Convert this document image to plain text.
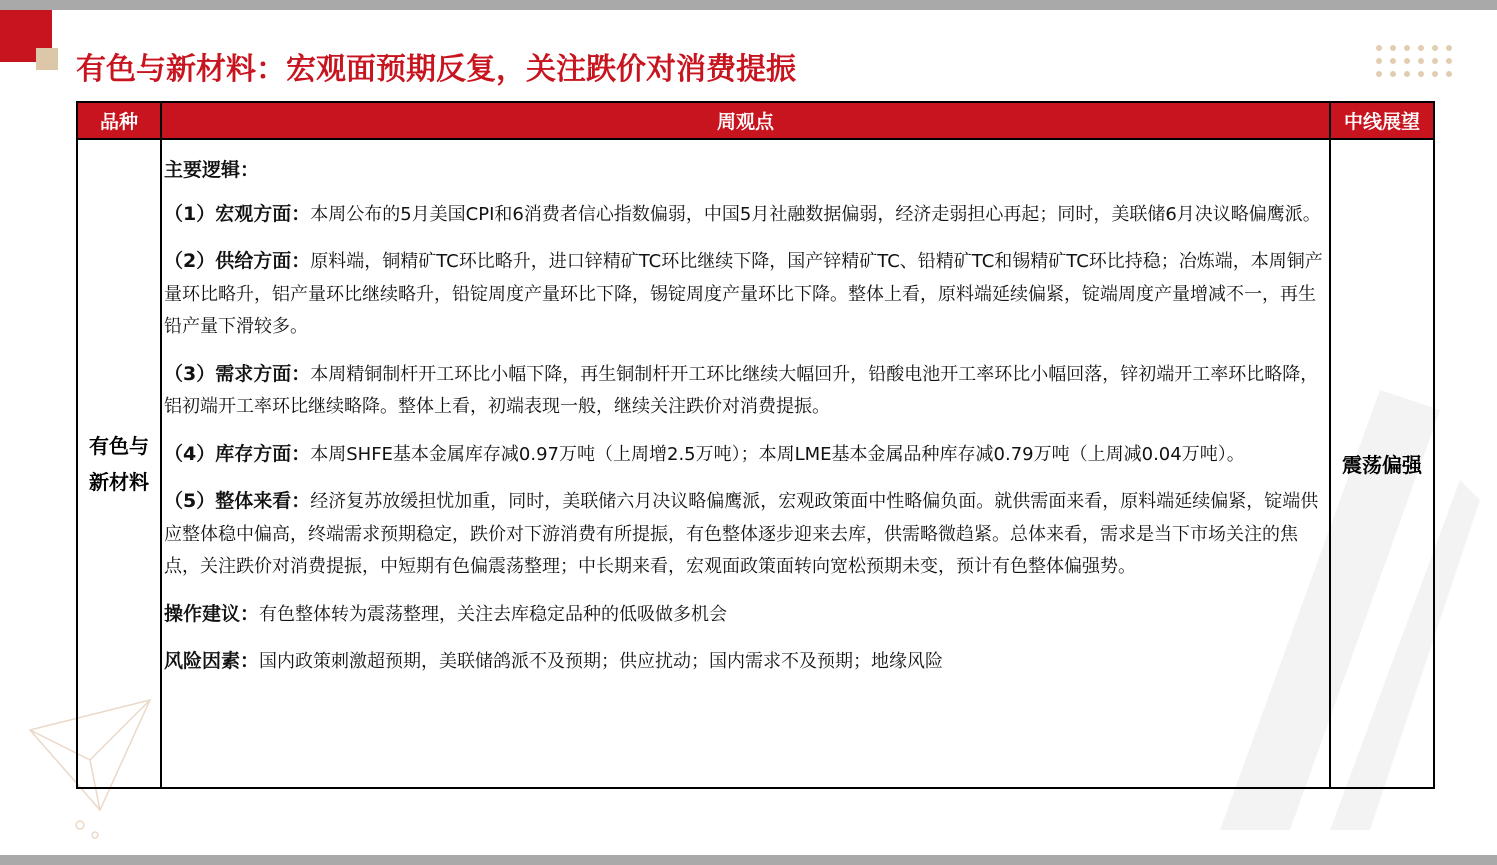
有色与新材料：宏观面预期反复，关注跌价对消费提振
品种	周观点	中线展望
有色与新材料

主要逻辑：

（1）宏观方面：本周公布的5月美国CPI和6消费者信心指数偏弱，中国5月社融数据偏弱，经济走弱担心再起；同时，美联储6月决议略偏鹰派。

（2）供给方面：原料端，铜精矿TC环比略升，进口锌精矿TC环比继续下降，国产锌精矿TC、铅精矿TC和锡精矿TC环比持稳；冶炼端，本周铜产量环比略升，铝产量环比继续略升，铅锭周度产量环比下降，锡锭周度产量环比下降。整体上看，原料端延续偏紧，锭端周度产量增减不一，再生铅产量下滑较多。

（3）需求方面：本周精铜制杆开工环比小幅下降，再生铜制杆开工环比继续大幅回升，铅酸电池开工率环比小幅回落，锌初端开工率环比略降，铝初端开工率环比继续略降。整体上看，初端表现一般，继续关注跌价对消费提振。

（4）库存方面：本周SHFE基本金属库存减0.97万吨（上周增2.5万吨）；本周LME基本金属品种库存减0.79万吨（上周减0.04万吨）。

（5）整体来看：经济复苏放缓担忧加重，同时，美联储六月决议略偏鹰派，宏观政策面中性略偏负面。就供需面来看，原料端延续偏紧，锭端供应整体稳中偏高，终端需求预期稳定，跌价对下游消费有所提振，有色整体逐步迎来去库，供需略微趋紧。总体来看，需求是当下市场关注的焦点，关注跌价对消费提振，中短期有色偏震荡整理；中长期来看，宏观面政策面转向宽松预期未变，预计有色整体偏强势。

操作建议：有色整体转为震荡整理，关注去库稳定品种的低吸做多机会

风险因素：国内政策刺激超预期，美联储鸽派不及预期；供应扰动；国内需求不及预期；地缘风险

震荡偏强
